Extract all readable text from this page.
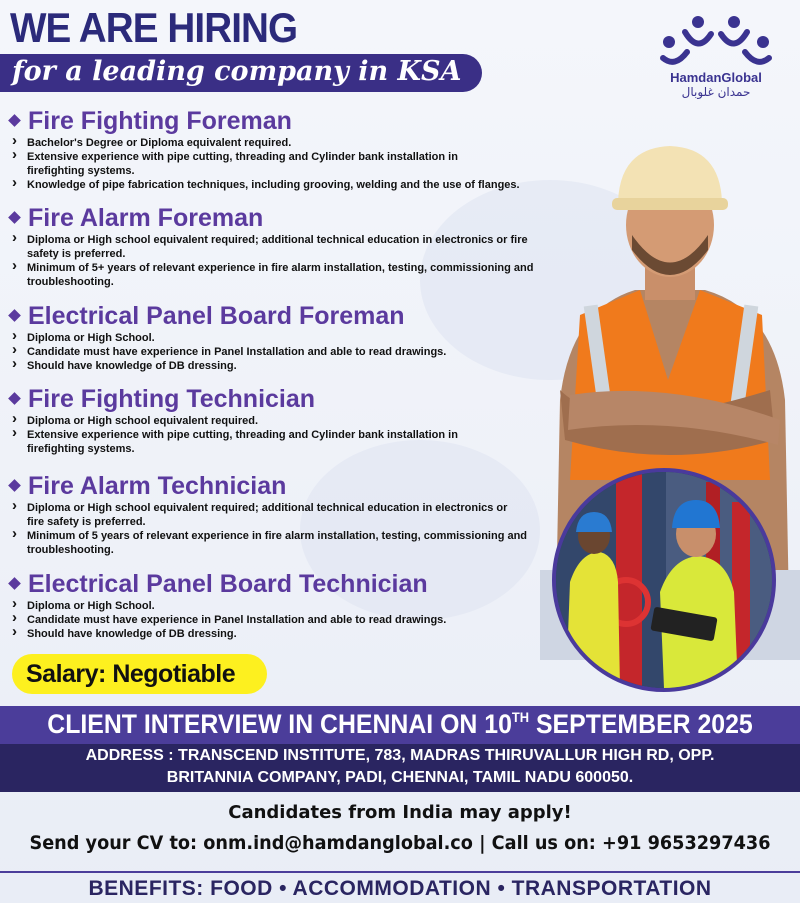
WE ARE HIRING
for a leading company in KSA	HamdanGlobal
حمدان غلوبال
Fire Fighting Foreman
› Bachelor's Degree or Diploma equivalent required.
› Extensive experience with pipe cutting, threading and Cylinder bank installation in firefighting systems.
› Knowledge of pipe fabrication techniques, including grooving, welding and the use of flanges.
Fire Alarm Foreman
› Diploma or High school equivalent required; additional technical education in electronics or fire safety is preferred.
› Minimum of 5+ years of relevant experience in fire alarm installation, testing, commissioning and troubleshooting.
Electrical Panel Board Foreman
› Diploma or High School.
› Candidate must have experience in Panel Installation and able to read drawings.
› Should have knowledge of DB dressing.
Fire Fighting Technician
› Diploma or High school equivalent required.
› Extensive experience with pipe cutting, threading and Cylinder bank installation in firefighting systems.
Fire Alarm Technician
› Diploma or High school equivalent required; additional technical education in electronics or fire safety is preferred.
› Minimum of 5 years of relevant experience in fire alarm installation, testing, commissioning and troubleshooting.
Electrical Panel Board Technician
› Diploma or High School.
› Candidate must have experience in Panel Installation and able to read drawings.
› Should have knowledge of DB dressing.
Salary: Negotiable
CLIENT INTERVIEW IN CHENNAI ON 10TH SEPTEMBER 2025
ADDRESS : TRANSCEND INSTITUTE, 783, MADRAS THIRUVALLUR HIGH RD, OPP.
BRITANNIA COMPANY, PADI, CHENNAI, TAMIL NADU 600050.
Candidates from India may apply!
Send your CV to: onm.ind@hamdanglobal.co | Call us on: +91 9653297436
BENEFITS: FOOD • ACCOMMODATION • TRANSPORTATION
